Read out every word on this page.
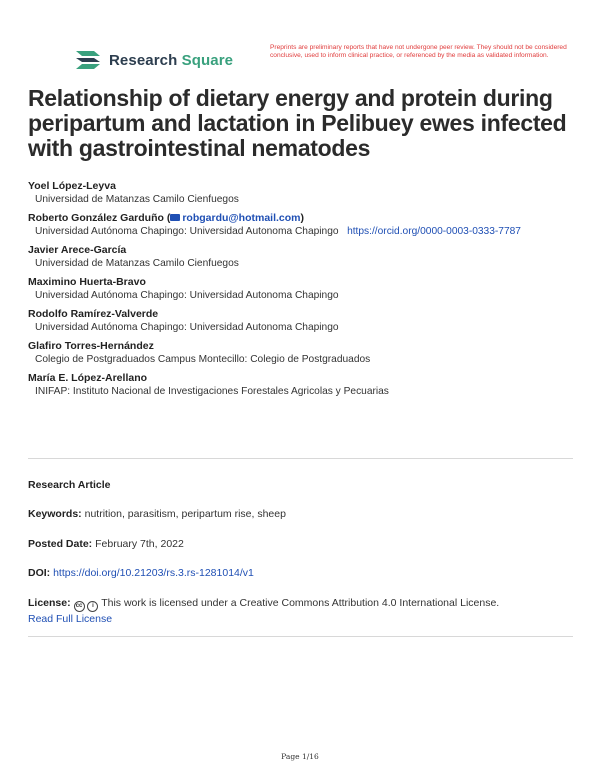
Research Square
Preprints are preliminary reports that have not undergone peer review. They should not be considered conclusive, used to inform clinical practice, or referenced by the media as validated information.
Relationship of dietary energy and protein during peripartum and lactation in Pelibuey ewes infected with gastrointestinal nematodes
Yoel López-Leyva
Universidad de Matanzas Camilo Cienfuegos
Roberto González Garduño ( robgardu@hotmail.com)
Universidad Autónoma Chapingo: Universidad Autonoma Chapingo https://orcid.org/0000-0003-0333-7787
Javier Arece-García
Universidad de Matanzas Camilo Cienfuegos
Maximino Huerta-Bravo
Universidad Autónoma Chapingo: Universidad Autonoma Chapingo
Rodolfo Ramírez-Valverde
Universidad Autónoma Chapingo: Universidad Autonoma Chapingo
Glafiro Torres-Hernández
Colegio de Postgraduados Campus Montecillo: Colegio de Postgraduados
María E. López-Arellano
INIFAP: Instituto Nacional de Investigaciones Forestales Agricolas y Pecuarias
Research Article
Keywords: nutrition, parasitism, peripartum rise, sheep
Posted Date: February 7th, 2022
DOI: https://doi.org/10.21203/rs.3.rs-1281014/v1
License: cc i This work is licensed under a Creative Commons Attribution 4.0 International License.
Read Full License
Page 1/16
